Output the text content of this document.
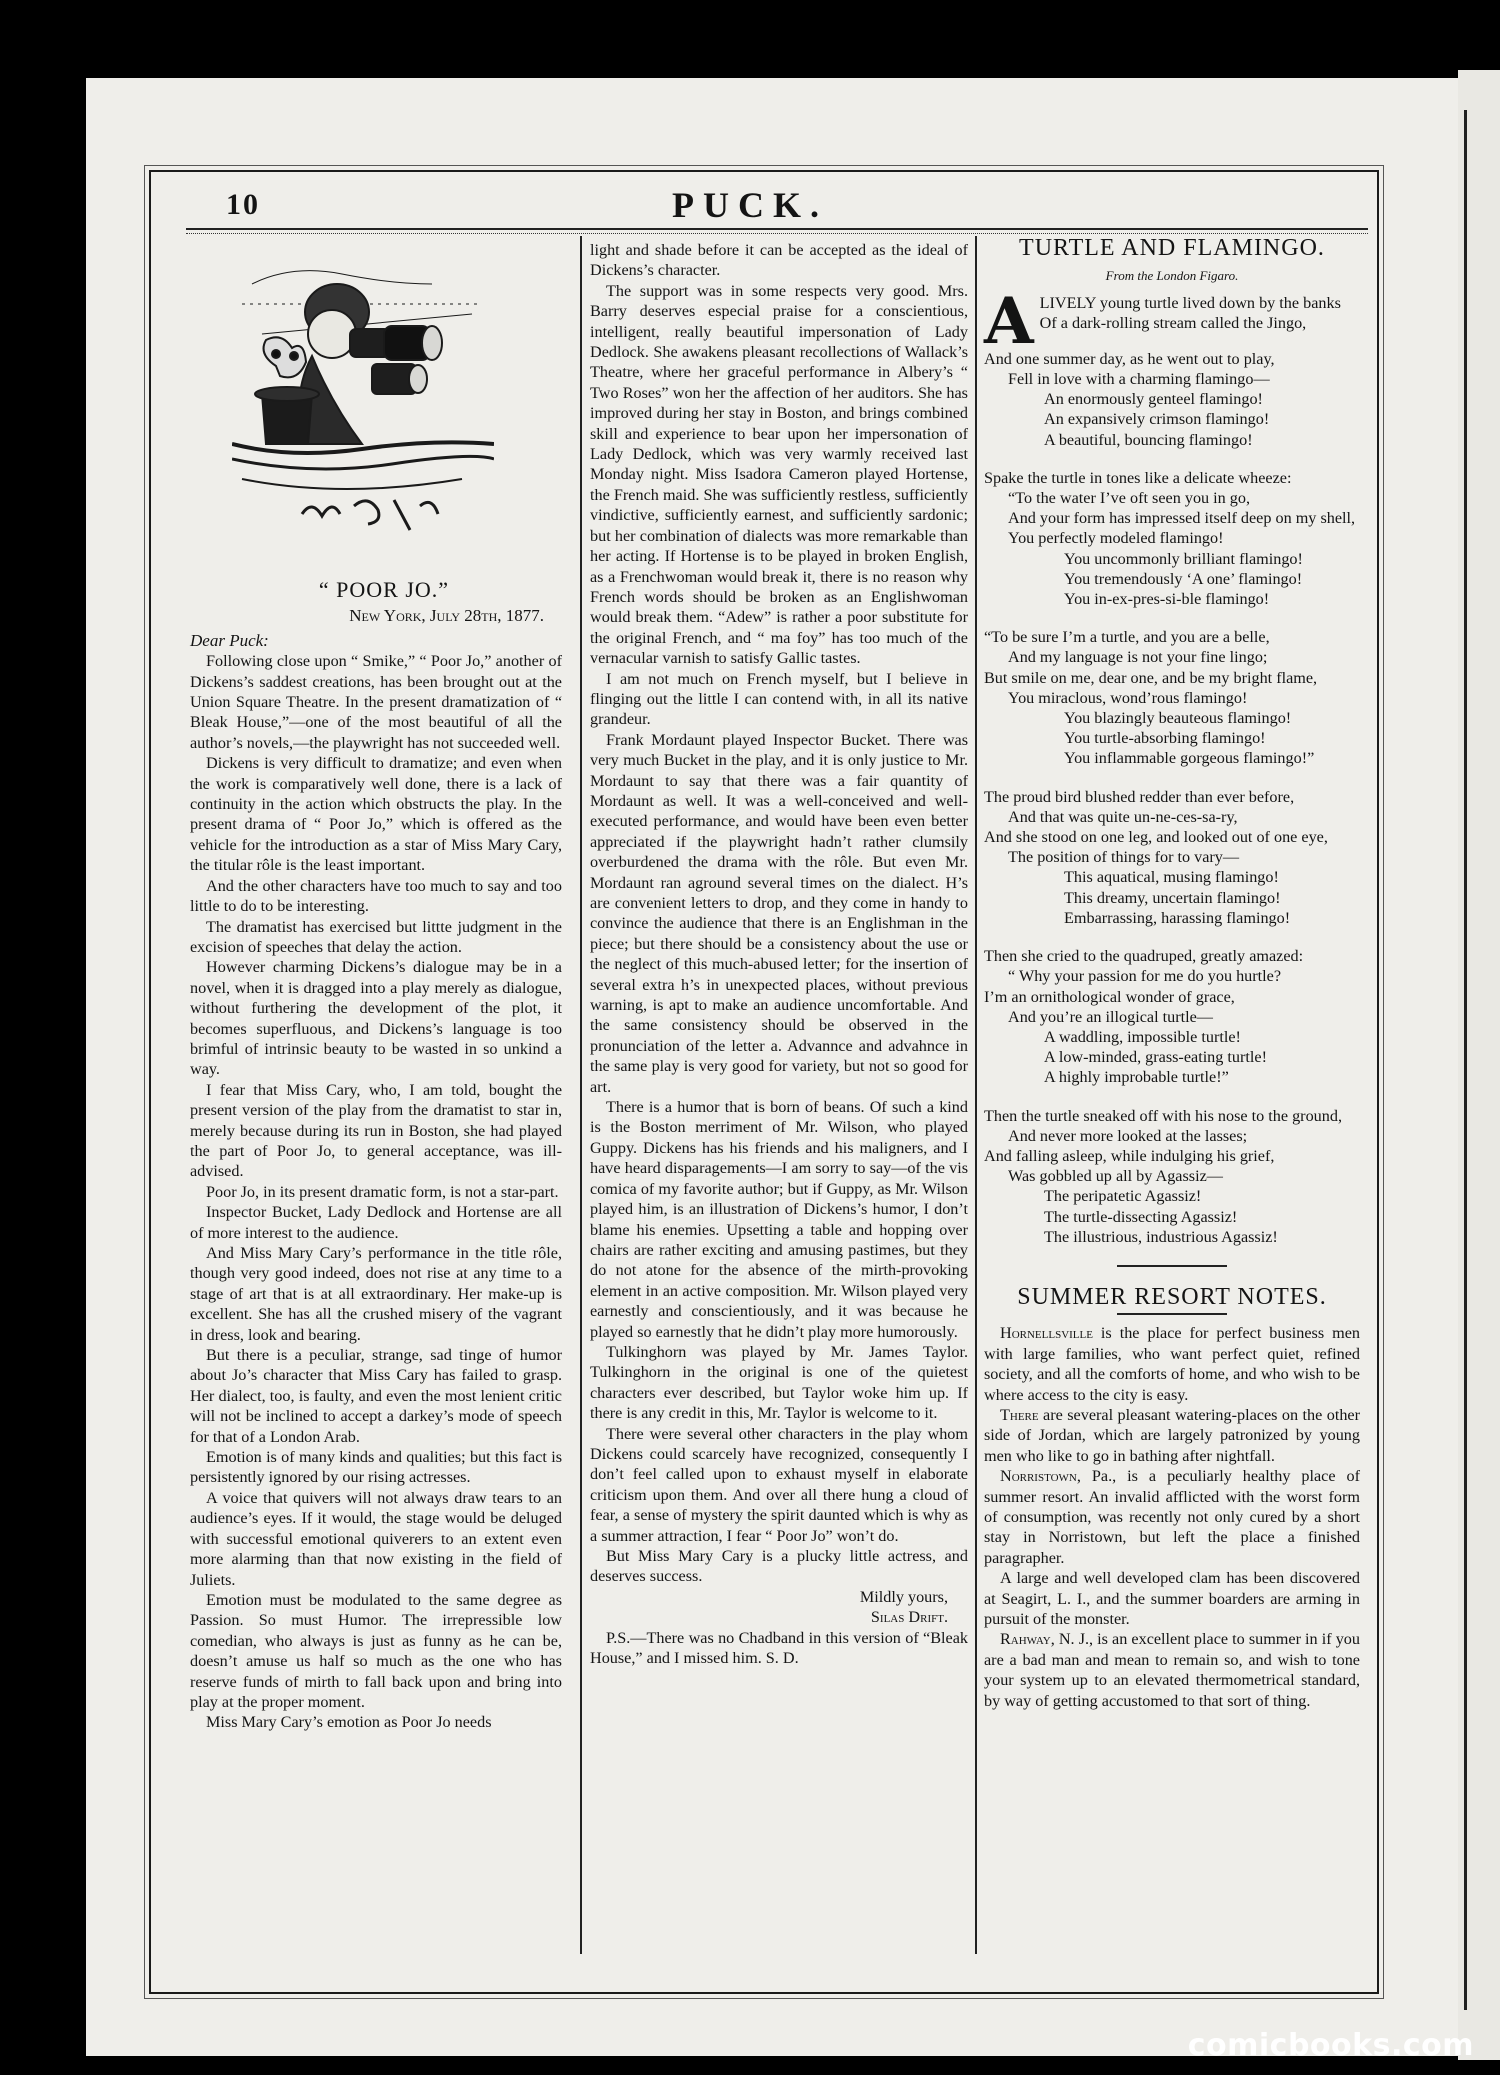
10	PUCK.

“ POOR JO.”

New York, July 28th, 1877.

Dear Puck:

Following close upon “ Smike,” “ Poor Jo,” another of Dickens’s saddest creations, has been brought out at the Union Square Theatre. In the present dramatization of “ Bleak House,”—one of the most beautiful of all the author’s novels,—the playwright has not succeeded well.

Dickens is very difficult to dramatize; and even when the work is comparatively well done, there is a lack of continuity in the action which obstructs the play. In the present drama of “ Poor Jo,” which is offered as the vehicle for the introduction as a star of Miss Mary Cary, the titular rôle is the least important.

And the other characters have too much to say and too little to do to be interesting.

The dramatist has exercised but littte judgment in the excision of speeches that delay the action.

However charming Dickens’s dialogue may be in a novel, when it is dragged into a play merely as dialogue, without furthering the development of the plot, it becomes superfluous, and Dickens’s language is too brimful of intrinsic beauty to be wasted in so unkind a way.

I fear that Miss Cary, who, I am told, bought the present version of the play from the dramatist to star in, merely because during its run in Boston, she had played the part of Poor Jo, to general acceptance, was ill-advised.

Poor Jo, in its present dramatic form, is not a star-part.

Inspector Bucket, Lady Dedlock and Hortense are all of more interest to the audience.

And Miss Mary Cary’s performance in the title rôle, though very good indeed, does not rise at any time to a stage of art that is at all extraordinary. Her make-up is excellent. She has all the crushed misery of the vagrant in dress, look and bearing.

But there is a peculiar, strange, sad tinge of humor about Jo’s character that Miss Cary has failed to grasp. Her dialect, too, is faulty, and even the most lenient critic will not be inclined to accept a darkey’s mode of speech for that of a London Arab.

Emotion is of many kinds and qualities; but this fact is persistently ignored by our rising actresses.

A voice that quivers will not always draw tears to an audience’s eyes. If it would, the stage would be deluged with successful emotional quiverers to an extent even more alarming than that now existing in the field of Juliets.

Emotion must be modulated to the same degree as Passion. So must Humor. The irrepressible low comedian, who always is just as funny as he can be, doesn’t amuse us half so much as the one who has reserve funds of mirth to fall back upon and bring into play at the proper moment.

Miss Mary Cary’s emotion as Poor Jo needs

light and shade before it can be accepted as the ideal of Dickens’s character.

The support was in some respects very good. Mrs. Barry deserves especial praise for a conscientious, intelligent, really beautiful impersonation of Lady Dedlock. She awakens pleasant recollections of Wallack’s Theatre, where her graceful performance in Albery’s “ Two Roses” won her the affection of her auditors. She has improved during her stay in Boston, and brings combined skill and experience to bear upon her impersonation of Lady Dedlock, which was very warmly received last Monday night. Miss Isadora Cameron played Hortense, the French maid. She was sufficiently restless, sufficiently vindictive, sufficiently earnest, and sufficiently sardonic; but her combination of dialects was more remarkable than her acting. If Hortense is to be played in broken English, as a Frenchwoman would break it, there is no reason why French words should be broken as an Englishwoman would break them. “Adew” is rather a poor substitute for the original French, and “ ma foy” has too much of the vernacular varnish to satisfy Gallic tastes.

I am not much on French myself, but I believe in flinging out the little I can contend with, in all its native grandeur.

Frank Mordaunt played Inspector Bucket. There was very much Bucket in the play, and it is only justice to Mr. Mordaunt to say that there was a fair quantity of Mordaunt as well. It was a well-conceived and well-executed performance, and would have been even better appreciated if the playwright hadn’t rather clumsily overburdened the drama with the rôle. But even Mr. Mordaunt ran aground several times on the dialect. H’s are convenient letters to drop, and they come in handy to convince the audience that there is an Englishman in the piece; but there should be a consistency about the use or the neglect of this much-abused letter; for the insertion of several extra h’s in unexpected places, without previous warning, is apt to make an audience uncomfortable. And the same consistency should be observed in the pronunciation of the letter a. Advannce and advahnce in the same play is very good for variety, but not so good for art.

There is a humor that is born of beans. Of such a kind is the Boston merriment of Mr. Wilson, who played Guppy. Dickens has his friends and his maligners, and I have heard disparagements—I am sorry to say—of the vis comica of my favorite author; but if Guppy, as Mr. Wilson played him, is an illustration of Dickens’s humor, I don’t blame his enemies. Upsetting a table and hopping over chairs are rather exciting and amusing pastimes, but they do not atone for the absence of the mirth-provoking element in an active composition. Mr. Wilson played very earnestly and conscientiously, and it was because he played so earnestly that he didn’t play more humorously.

Tulkinghorn was played by Mr. James Taylor. Tulkinghorn in the original is one of the quietest characters ever described, but Taylor woke him up. If there is any credit in this, Mr. Taylor is welcome to it.

There were several other characters in the play whom Dickens could scarcely have recognized, consequently I don’t feel called upon to exhaust myself in elaborate criticism upon them. And over all there hung a cloud of fear, a sense of mystery the spirit daunted which is why as a summer attraction, I fear “ Poor Jo” won’t do.

But Miss Mary Cary is a plucky little actress, and deserves success.

Mildly yours,

Silas Drift.

P.S.—There was no Chadband in this version of “Bleak House,” and I missed him. S. D.

TURTLE AND FLAMINGO.
From the London Figaro.
A LIVELY young turtle lived down by the banks
Of a dark-rolling stream called the Jingo,
And one summer day, as he went out to play,
Fell in love with a charming flamingo—
An enormously genteel flamingo!
An expansively crimson flamingo!
A beautiful, bouncing flamingo!
Spake the turtle in tones like a delicate wheeze:
“To the water I’ve oft seen you in go,
And your form has impressed itself deep on my shell,
You perfectly modeled flamingo!
You uncommonly brilliant flamingo!
You tremendously ‘A one’ flamingo!
You in-ex-pres-si-ble flamingo!
“To be sure I’m a turtle, and you are a belle,
And my language is not your fine lingo;
But smile on me, dear one, and be my bright flame,
You miraclous, wond’rous flamingo!
You blazingly beauteous flamingo!
You turtle-absorbing flamingo!
You inflammable gorgeous flamingo!”
The proud bird blushed redder than ever before,
And that was quite un-ne-ces-sa-ry,
And she stood on one leg, and looked out of one eye,
The position of things for to vary—
This aquatical, musing flamingo!
This dreamy, uncertain flamingo!
Embarrassing, harassing flamingo!
Then she cried to the quadruped, greatly amazed:
“ Why your passion for me do you hurtle?
I’m an ornithological wonder of grace,
And you’re an illogical turtle—
A waddling, impossible turtle!
A low-minded, grass-eating turtle!
A highly improbable turtle!”
Then the turtle sneaked off with his nose to the ground,
And never more looked at the lasses;
And falling asleep, while indulging his grief,
Was gobbled up all by Agassiz—
The peripatetic Agassiz!
The turtle-dissecting Agassiz!
The illustrious, industrious Agassiz!
SUMMER RESORT NOTES.

Hornellsville is the place for perfect business men with large families, who want perfect quiet, refined society, and all the comforts of home, and who wish to be where access to the city is easy.

There are several pleasant watering-places on the other side of Jordan, which are largely patronized by young men who like to go in bathing after nightfall.

Norristown, Pa., is a peculiarly healthy place of summer resort. An invalid afflicted with the worst form of consumption, was recently not only cured by a short stay in Norristown, but left the place a finished paragrapher.

A large and well developed clam has been discovered at Seagirt, L. I., and the summer boarders are arming in pursuit of the monster.

Rahway, N. J., is an excellent place to summer in if you are a bad man and mean to remain so, and wish to tone your system up to an elevated thermometrical standard, by way of getting accustomed to that sort of thing.

comicbooks.com
